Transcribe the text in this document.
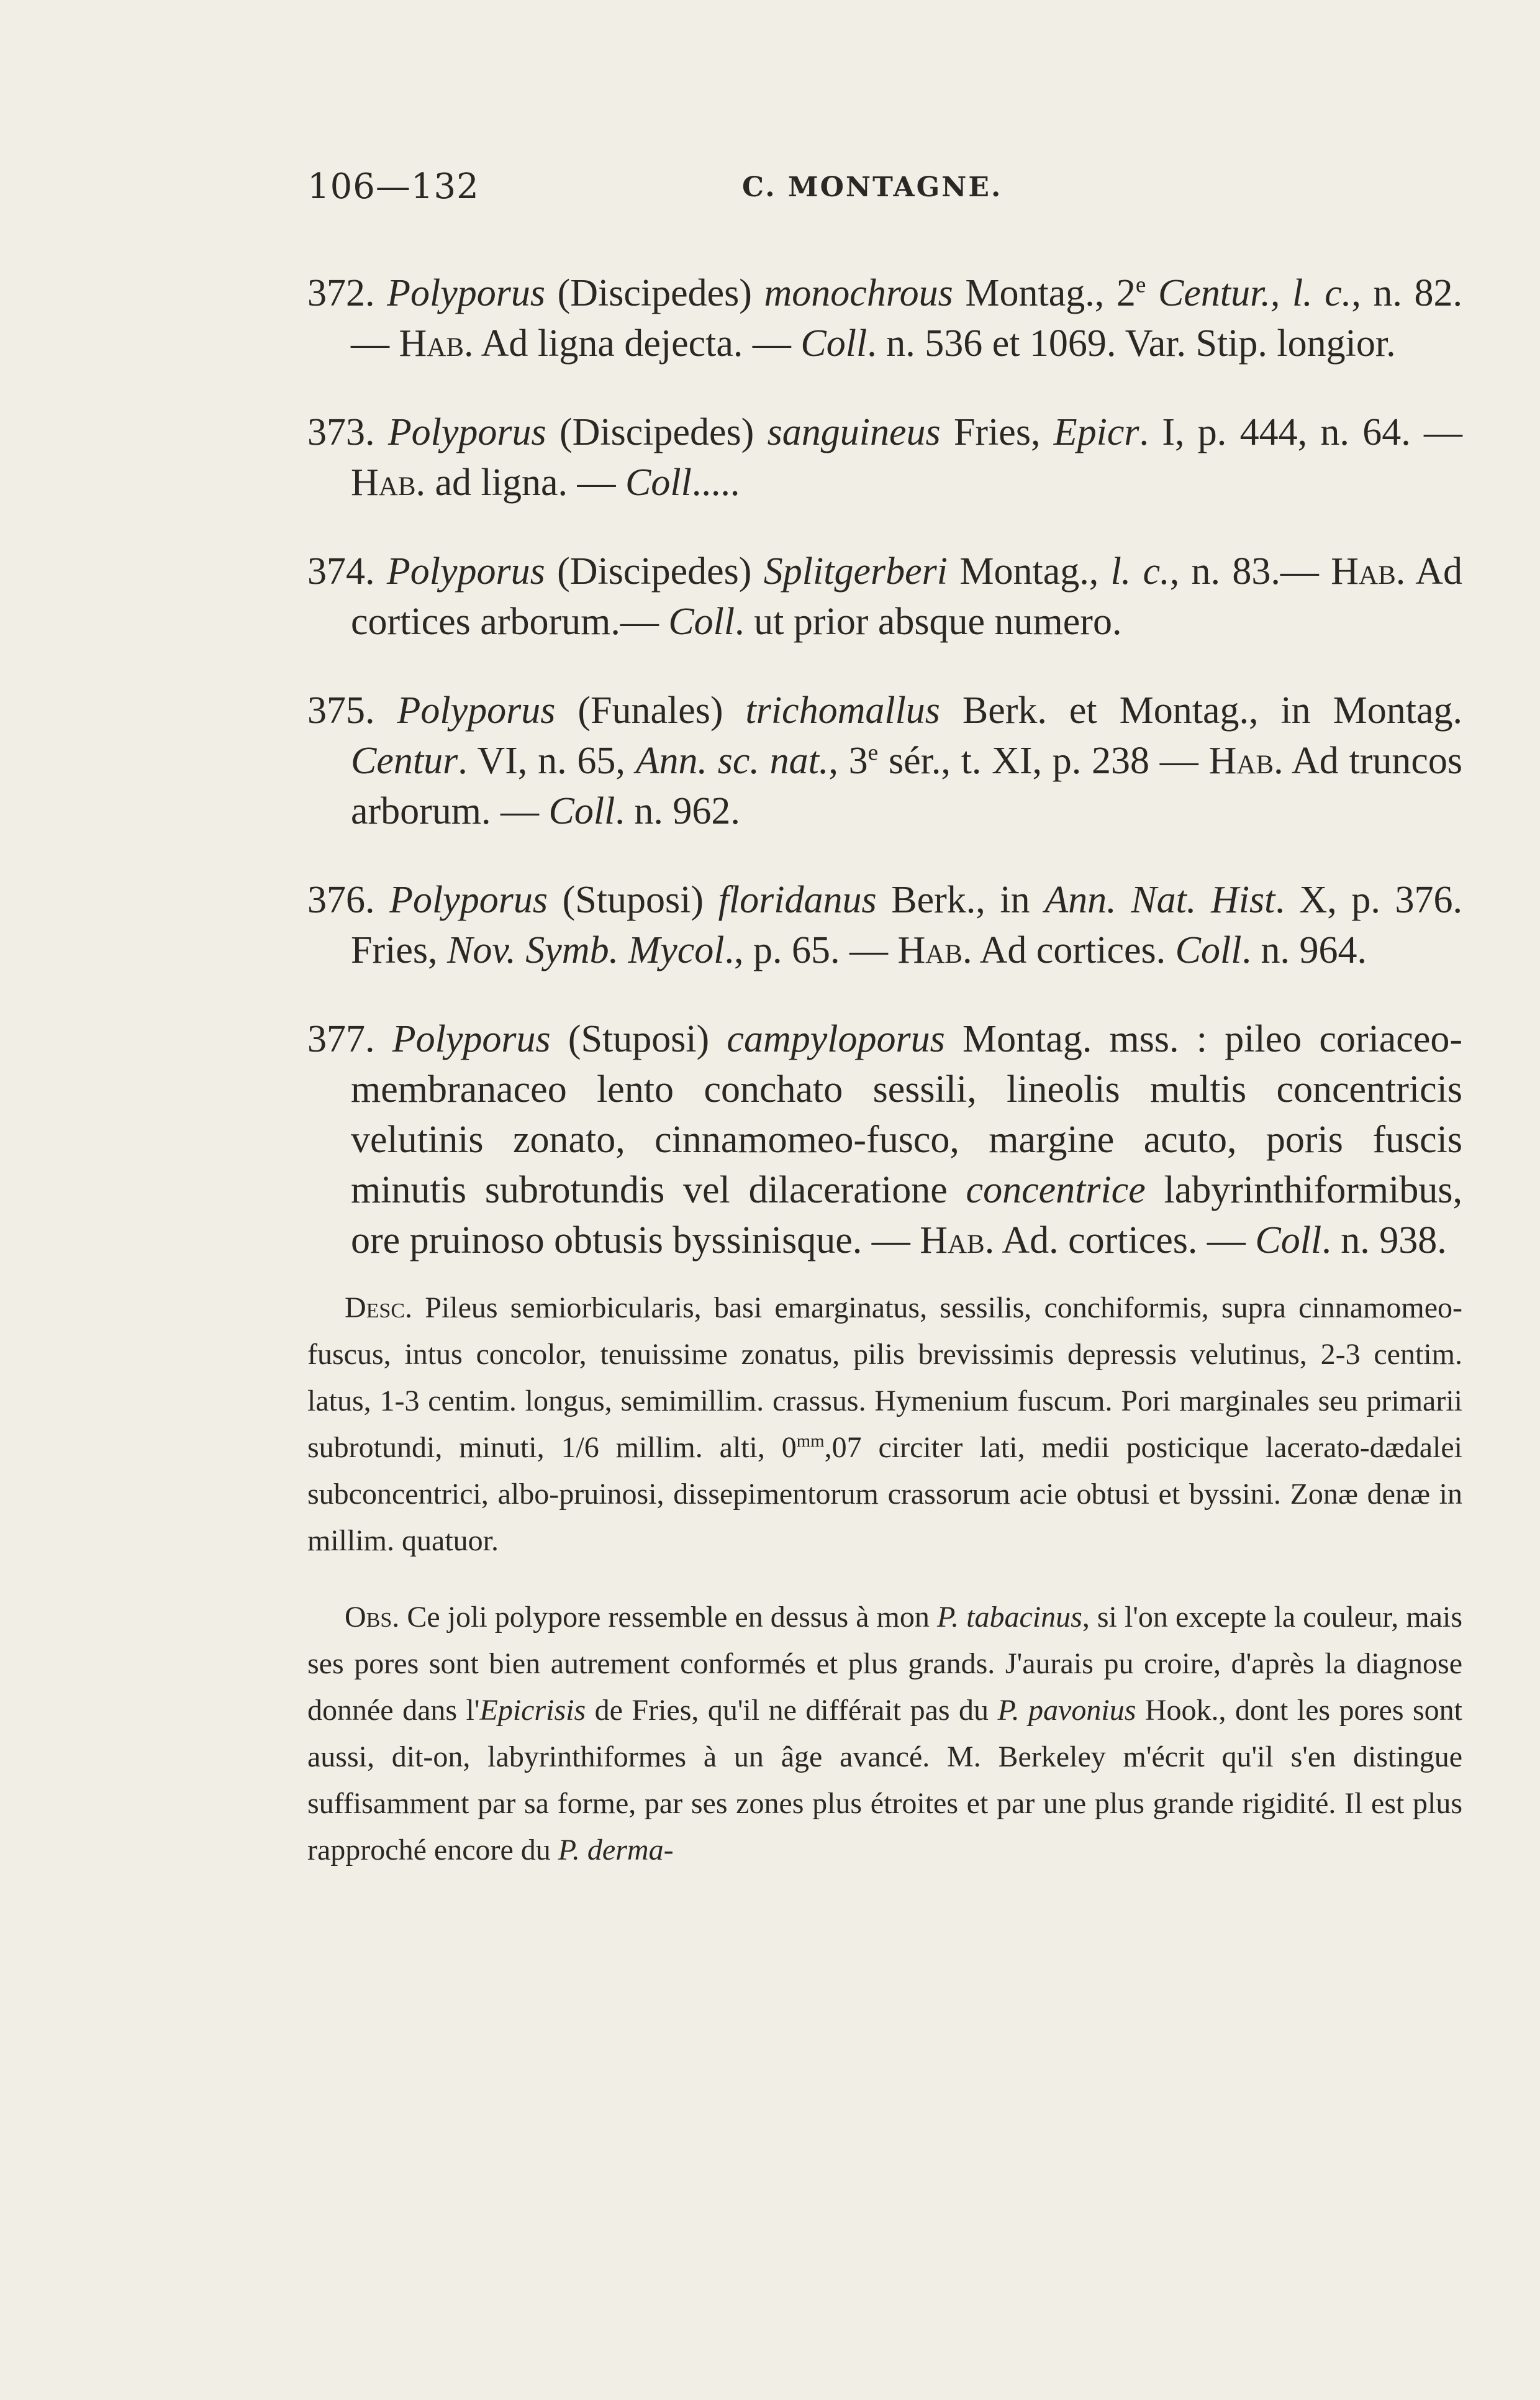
106—132	C. MONTAGNE.

372. Polyporus (Discipedes) monochrous Montag., 2e Centur., l. c., n. 82.— Hab. Ad ligna dejecta. — Coll. n. 536 et 1069. Var. Stip. longior.

373. Polyporus (Discipedes) sanguineus Fries, Epicr. I, p. 444, n. 64. — Hab. ad ligna. — Coll.....

374. Polyporus (Discipedes) Splitgerberi Montag., l. c., n. 83.— Hab. Ad cortices arborum.— Coll. ut prior absque numero.

375. Polyporus (Funales) trichomallus Berk. et Montag., in Montag. Centur. VI, n. 65, Ann. sc. nat., 3e sér., t. XI, p. 238 — Hab. Ad truncos arborum. — Coll. n. 962.

376. Polyporus (Stuposi) floridanus Berk., in Ann. Nat. Hist. X, p. 376. Fries, Nov. Symb. Mycol., p. 65. — Hab. Ad cortices. Coll. n. 964.

377. Polyporus (Stuposi) campyloporus Montag. mss. : pileo coriaceo-membranaceo lento conchato sessili, lineolis multis concentricis velutinis zonato, cinnamomeo-fusco, margine acuto, poris fuscis minutis subrotundis vel dilaceratione concentrice labyrinthiformibus, ore pruinoso obtusis byssinisque. — Hab. Ad. cortices. — Coll. n. 938.

Desc. Pileus semiorbicularis, basi emarginatus, sessilis, conchiformis, supra cinnamomeo-fuscus, intus concolor, tenuissime zonatus, pilis brevissimis depressis velutinus, 2-3 centim. latus, 1-3 centim. longus, semimillim. crassus. Hymenium fuscum. Pori marginales seu primarii subrotundi, minuti, 1/6 millim. alti, $0^{mm},07$ circiter lati, medii posticique lacerato-dædalei subconcentrici, albo-pruinosi, dissepimentorum crassorum acie obtusi et byssini. Zonæ denæ in millim. quatuor.

Obs. Ce joli polypore ressemble en dessus à mon P. tabacinus, si l'on excepte la couleur, mais ses pores sont bien autrement conformés et plus grands. J'aurais pu croire, d'après la diagnose donnée dans l'Epicrisis de Fries, qu'il ne différait pas du P. pavonius Hook., dont les pores sont aussi, dit-on, labyrinthiformes à un âge avancé. M. Berkeley m'écrit qu'il s'en distingue suffisamment par sa forme, par ses zones plus étroites et par une plus grande rigidité. Il est plus rapproché encore du P. derma-
